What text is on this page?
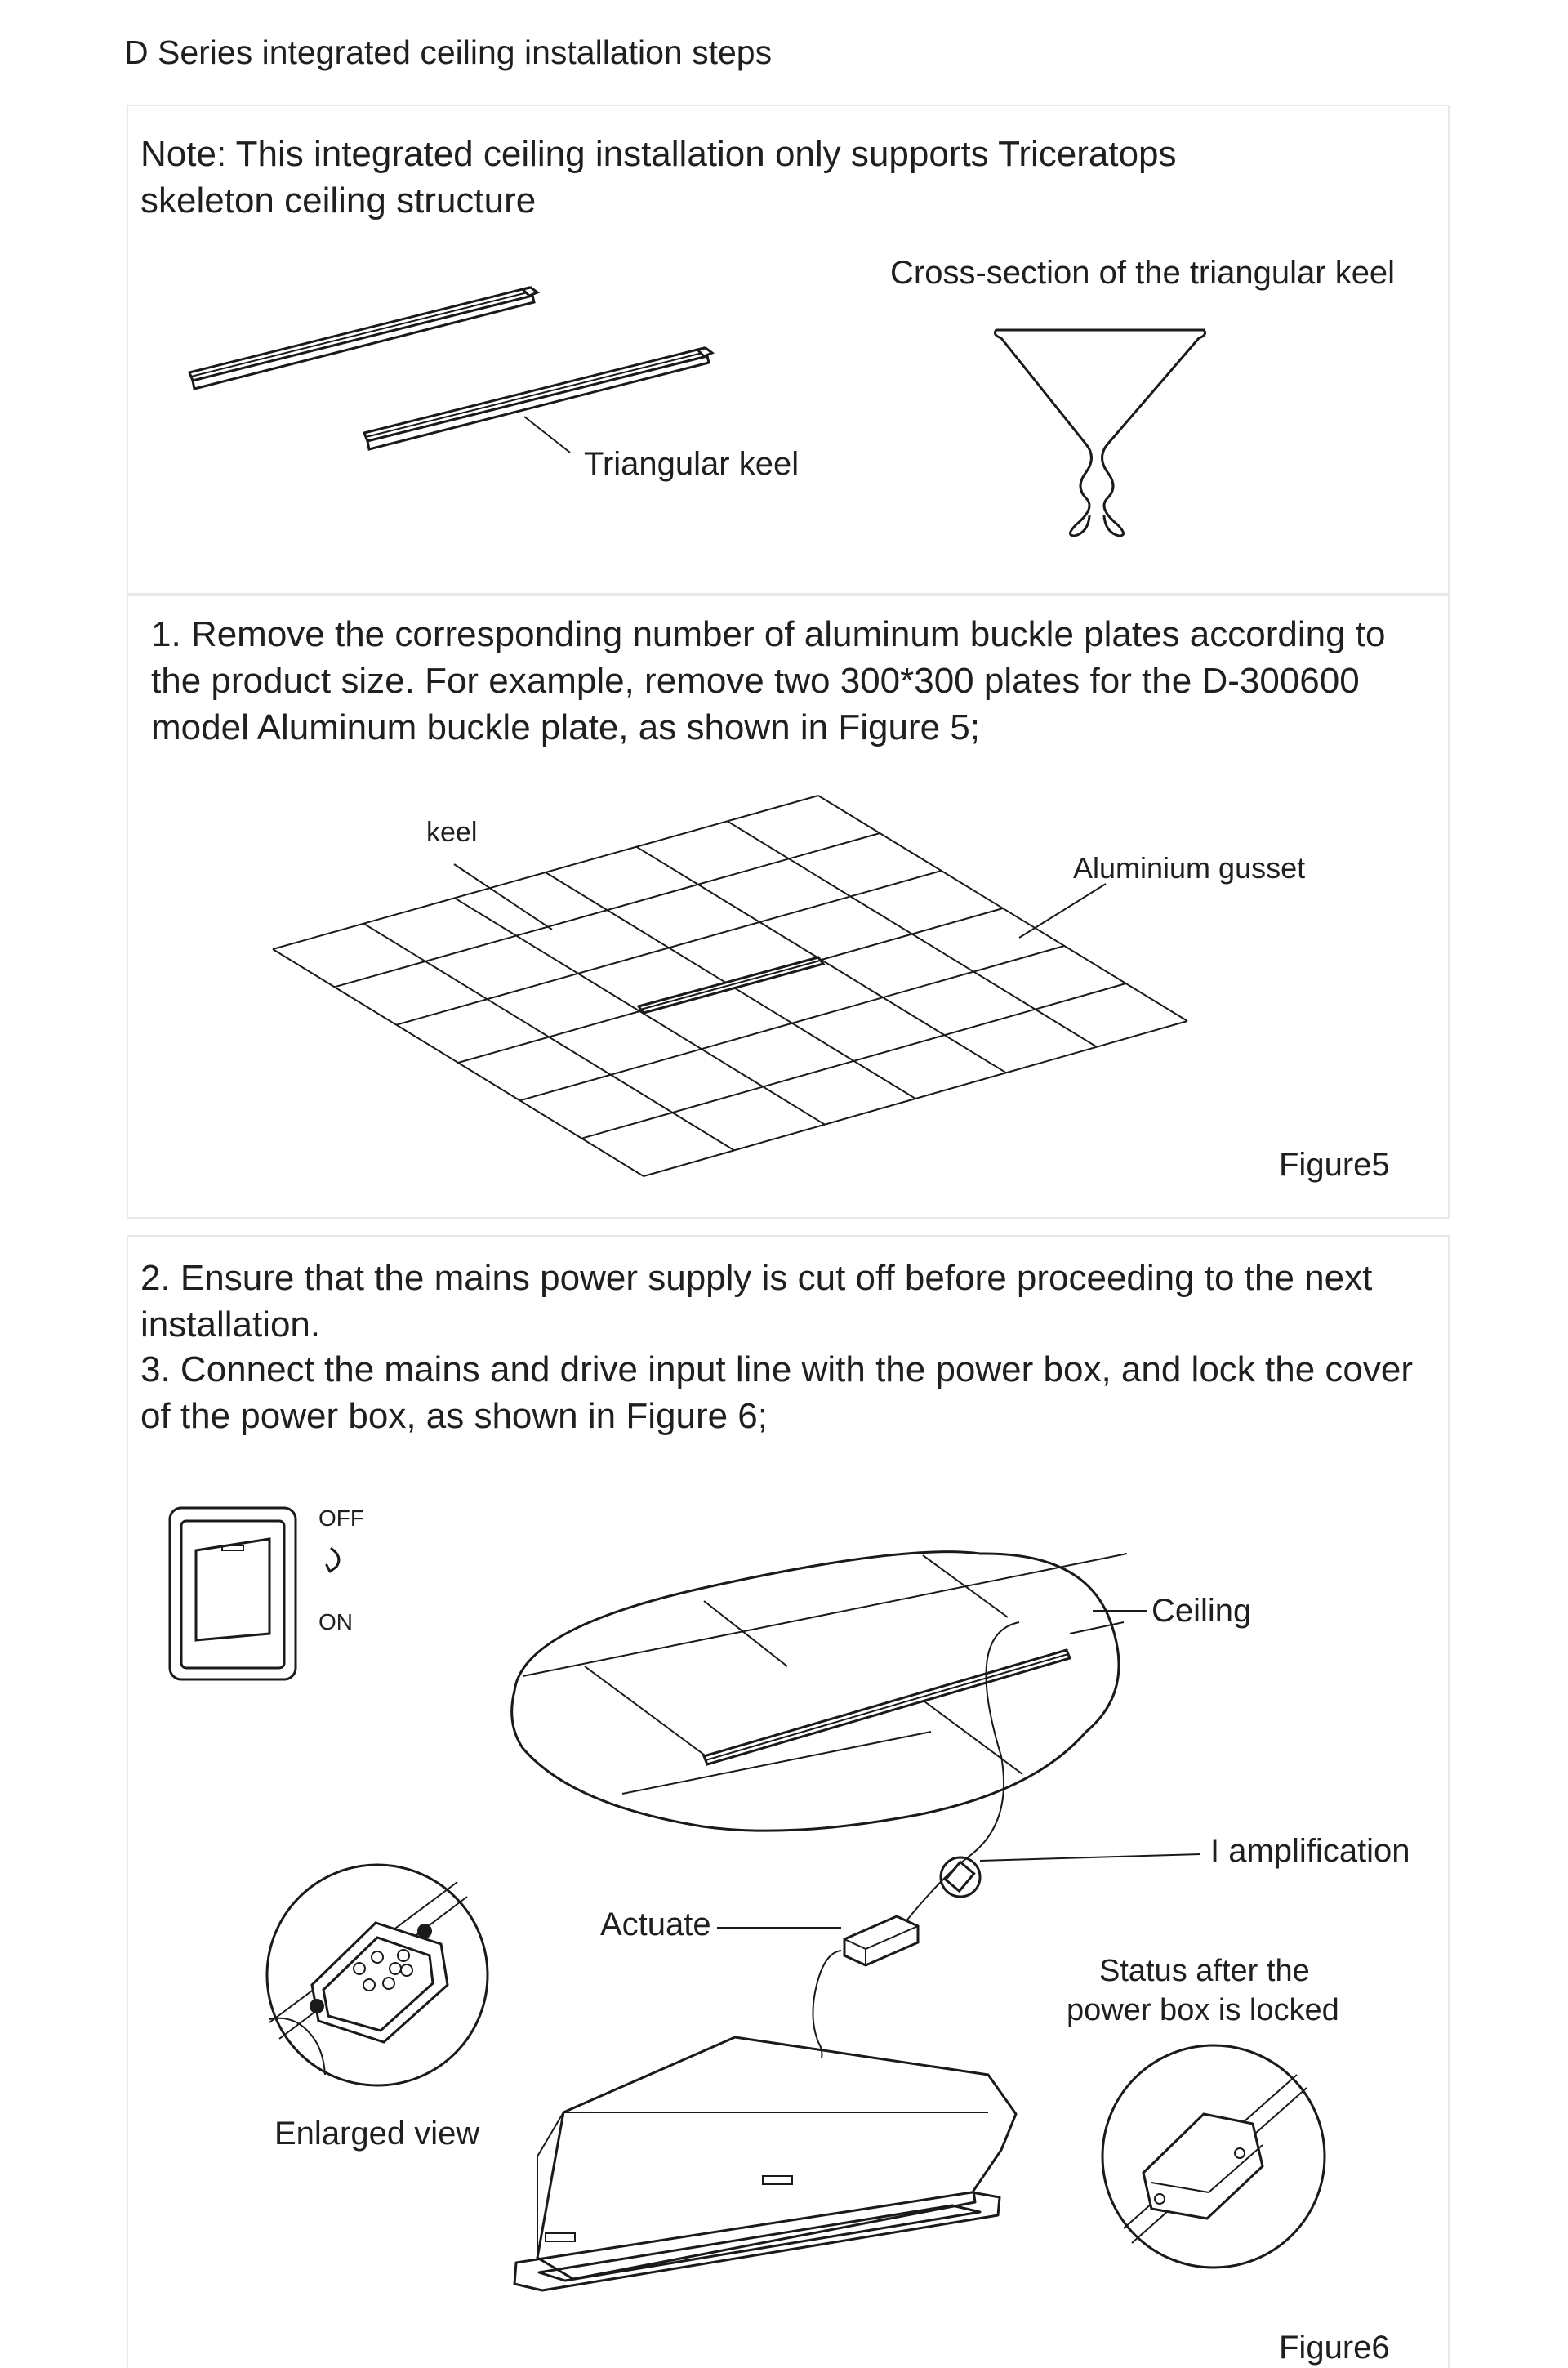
D Series integrated ceiling installation steps
Note: This integrated ceiling installation only supports Triceratops skeleton ceiling structure
Cross-section of the triangular keel
Triangular keel
1. Remove the corresponding number of aluminum buckle plates according to the product size. For example, remove two 300*300 plates for the D-300600 model Aluminum buckle plate, as shown in Figure 5;
keel
Aluminium gusset
Figure5
2. Ensure that the mains power supply is cut off before proceeding to the next installation.
3. Connect the mains and drive input line with the power box, and lock the cover of the power box, as shown in Figure 6;
OFF
ON	Ceiling
I amplification
Actuate
Status after the
power box is locked
Enlarged view
Figure6
